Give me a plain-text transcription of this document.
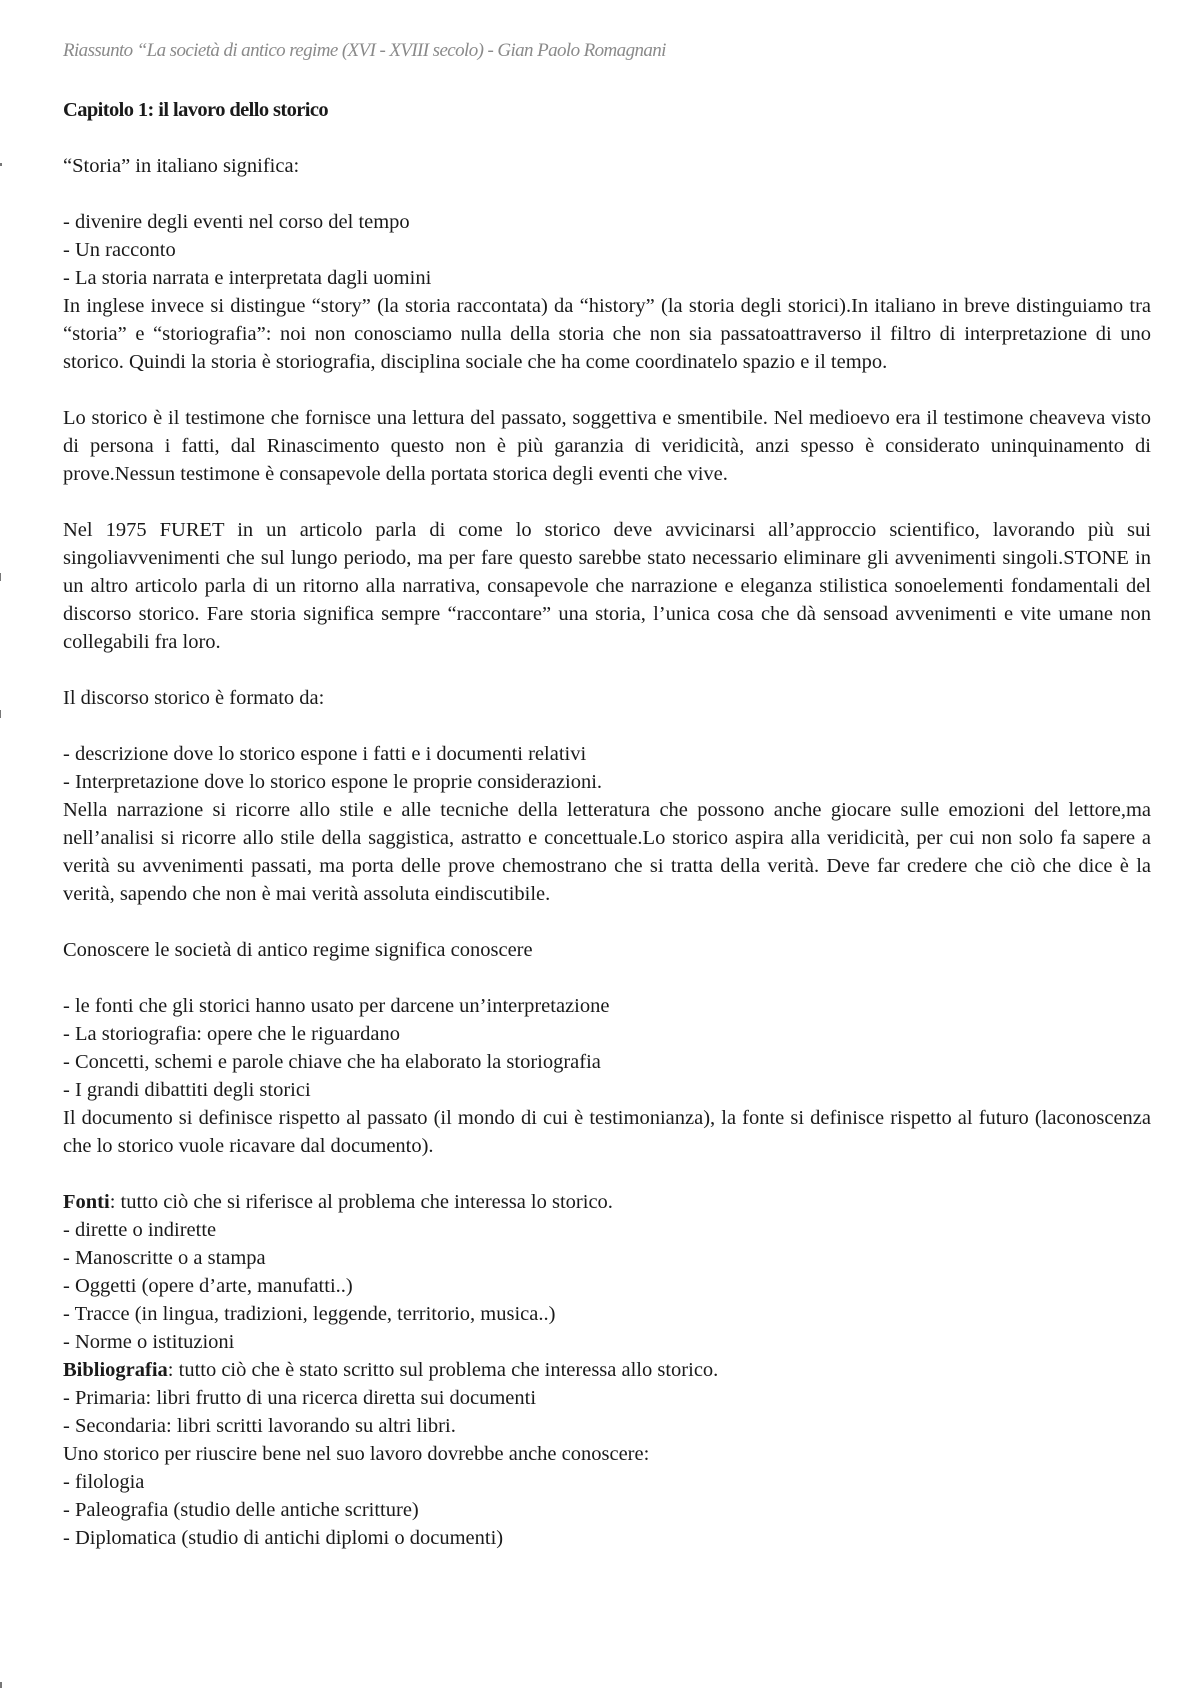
Riassunto “La società di antico regime (XVI - XVIII secolo) - Gian Paolo Romagnani

Capitolo 1: il lavoro dello storico

“Storia” in italiano significa:

- divenire degli eventi nel corso del tempo
- Un racconto
- La storia narrata e interpretata dagli uomini

In inglese invece si distingue “story” (la storia raccontata) da “history” (la storia degli storici).In italiano in breve distinguiamo tra “storia” e “storiografia”: noi non conosciamo nulla della storia che non sia passatoattraverso il filtro di interpretazione di uno storico. Quindi la storia è storiografia, disciplina sociale che ha come coordinatelo spazio e il tempo.

Lo storico è il testimone che fornisce una lettura del passato, soggettiva e smentibile. Nel medioevo era il testimone cheaveva visto di persona i fatti, dal Rinascimento questo non è più garanzia di veridicità, anzi spesso è considerato uninquinamento di prove.Nessun testimone è consapevole della portata storica degli eventi che vive.

Nel 1975 FURET in un articolo parla di come lo storico deve avvicinarsi all’approccio scientifico, lavorando più sui singoliavvenimenti che sul lungo periodo, ma per fare questo sarebbe stato necessario eliminare gli avvenimenti singoli.STONE in un altro articolo parla di un ritorno alla narrativa, consapevole che narrazione e eleganza stilistica sonoelementi fondamentali del discorso storico. Fare storia significa sempre “raccontare” una storia, l’unica cosa che dà sensoad avvenimenti e vite umane non collegabili fra loro.

Il discorso storico è formato da:

- descrizione dove lo storico espone i fatti e i documenti relativi
- Interpretazione dove lo storico espone le proprie considerazioni.

Nella narrazione si ricorre allo stile e alle tecniche della letteratura che possono anche giocare sulle emozioni del lettore,ma nell’analisi si ricorre allo stile della saggistica, astratto e concettuale.Lo storico aspira alla veridicità, per cui non solo fa sapere a verità su avvenimenti passati, ma porta delle prove chemostrano che si tratta della verità. Deve far credere che ciò che dice è la verità, sapendo che non è mai verità assoluta eindiscutibile.

Conoscere le società di antico regime significa conoscere

- le fonti che gli storici hanno usato per darcene un’interpretazione
- La storiografia: opere che le riguardano
- Concetti, schemi e parole chiave che ha elaborato la storiografia
- I grandi dibattiti degli storici

Il documento si definisce rispetto al passato (il mondo di cui è testimonianza), la fonte si definisce rispetto al futuro (laconoscenza che lo storico vuole ricavare dal documento).

Fonti: tutto ciò che si riferisce al problema che interessa lo storico.

- dirette o indirette
- Manoscritte o a stampa
- Oggetti (opere d’arte, manufatti..)
- Tracce (in lingua, tradizioni, leggende, territorio, musica..)
- Norme o istituzioni

Bibliografia: tutto ciò che è stato scritto sul problema che interessa allo storico.

- Primaria: libri frutto di una ricerca diretta sui documenti
- Secondaria: libri scritti lavorando su altri libri.

Uno storico per riuscire bene nel suo lavoro dovrebbe anche conoscere:

- filologia
- Paleografia (studio delle antiche scritture)
- Diplomatica (studio di antichi diplomi o documenti)
